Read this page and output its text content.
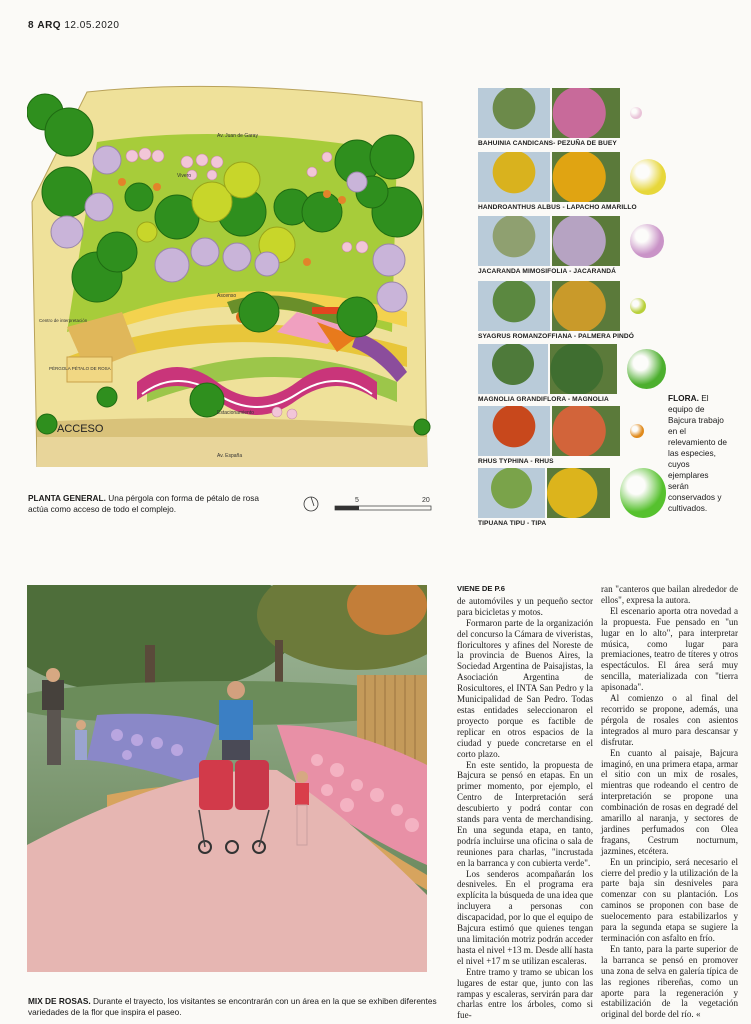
8 ARQ 12.05.2020
Av. Juan de Garay
Vivero
Ascenso
Centro de interpretación
PÉRGOLA PÉTALO DE ROSA
Estacionamiento
ACCESO
Av. España
PLANTA GENERAL. Una pérgola con forma de pétalo de rosa actúa como acceso de todo el complejo.
5	20
BAHUINIA CANDICANS- PEZUÑA DE BUEY
HANDROANTHUS ALBUS - LAPACHO AMARILLO
JACARANDA MIMOSIFOLIA - JACARANDÁ
SYAGRUS ROMANZOFFIANA - PALMERA PINDÓ
MAGNOLIA GRANDIFLORA - MAGNOLIA
RHUS TYPHINA - RHUS
TIPUANA TIPU - TIPA
FLORA. El equipo de Bajcura trabajo en el relevamiento de las especies, cuyos ejemplares serán conservados y cultivados.
MIX DE ROSAS. Durante el trayecto, los visitantes se encontrarán con un área en la que se exhiben diferentes variedades de la flor que inspira el paseo.

VIENE DE P.6

de automóviles y un pequeño sector para bicicletas y motos.

Formaron parte de la organización del concurso la Cámara de viveristas, floricultores y afines del Noreste de la provincia de Buenos Aires, la Sociedad Argentina de Paisajistas, la Asociación Argentina de Rosicultores, el INTA San Pedro y la Municipalidad de San Pedro. Todas estas entidades seleccionaron el proyecto porque es factible de replicar en otros espacios de la ciudad y puede concretarse en el corto plazo.

En este sentido, la propuesta de Bajcura se pensó en etapas. En un primer momento, por ejemplo, el Centro de Interpretación será descubierto y podrá contar con stands para venta de merchandising. En una segunda etapa, en tanto, podría incluirse una oficina o sala de reuniones para charlas, "incrustada en la barranca y con cubierta verde".

Los senderos acompañarán los desniveles. En el programa era explícita la búsqueda de una idea que incluyera a personas con discapacidad, por lo que el equipo de Bajcura estimó que quienes tengan una limitación motriz podrán acceder hasta el nivel +13 m. Desde allí hasta el nivel +17 m se utilizan escaleras.

Entre tramo y tramo se ubican los lugares de estar que, junto con las rampas y escaleras, servirán para dar charlas entre los árboles, como si fue-

ran "canteros que bailan alrededor de ellos", expresa la autora.

El escenario aporta otra novedad a la propuesta. Fue pensado en "un lugar en lo alto", para interpretar música, como lugar para premiaciones, teatro de títeres y otros espectáculos. El área será muy sencilla, materializada con "tierra apisonada".

Al comienzo o al final del recorrido se propone, además, una pérgola de rosales con asientos integrados al muro para descansar y disfrutar.

En cuanto al paisaje, Bajcura imaginó, en una primera etapa, armar el sitio con un mix de rosales, mientras que rodeando el centro de interpretación se propone una combinación de rosas en degradé del amarillo al naranja, y sectores de jardines perfumados con Olea fragans, Cestrum nocturnum, jazmines, etcétera.

En un principio, será necesario el cierre del predio y la utilización de la parte baja sin desniveles para comenzar con su plantación. Los caminos se proponen con base de suelocemento para estabilizarlos y para la segunda etapa se sugiere la terminación con asfalto en frío.

En tanto, para la parte superior de la barranca se pensó en promover una zona de selva en galería típica de las regiones ribereñas, como un aporte para la regeneración y estabilización de la vegetación original del borde del río. «
